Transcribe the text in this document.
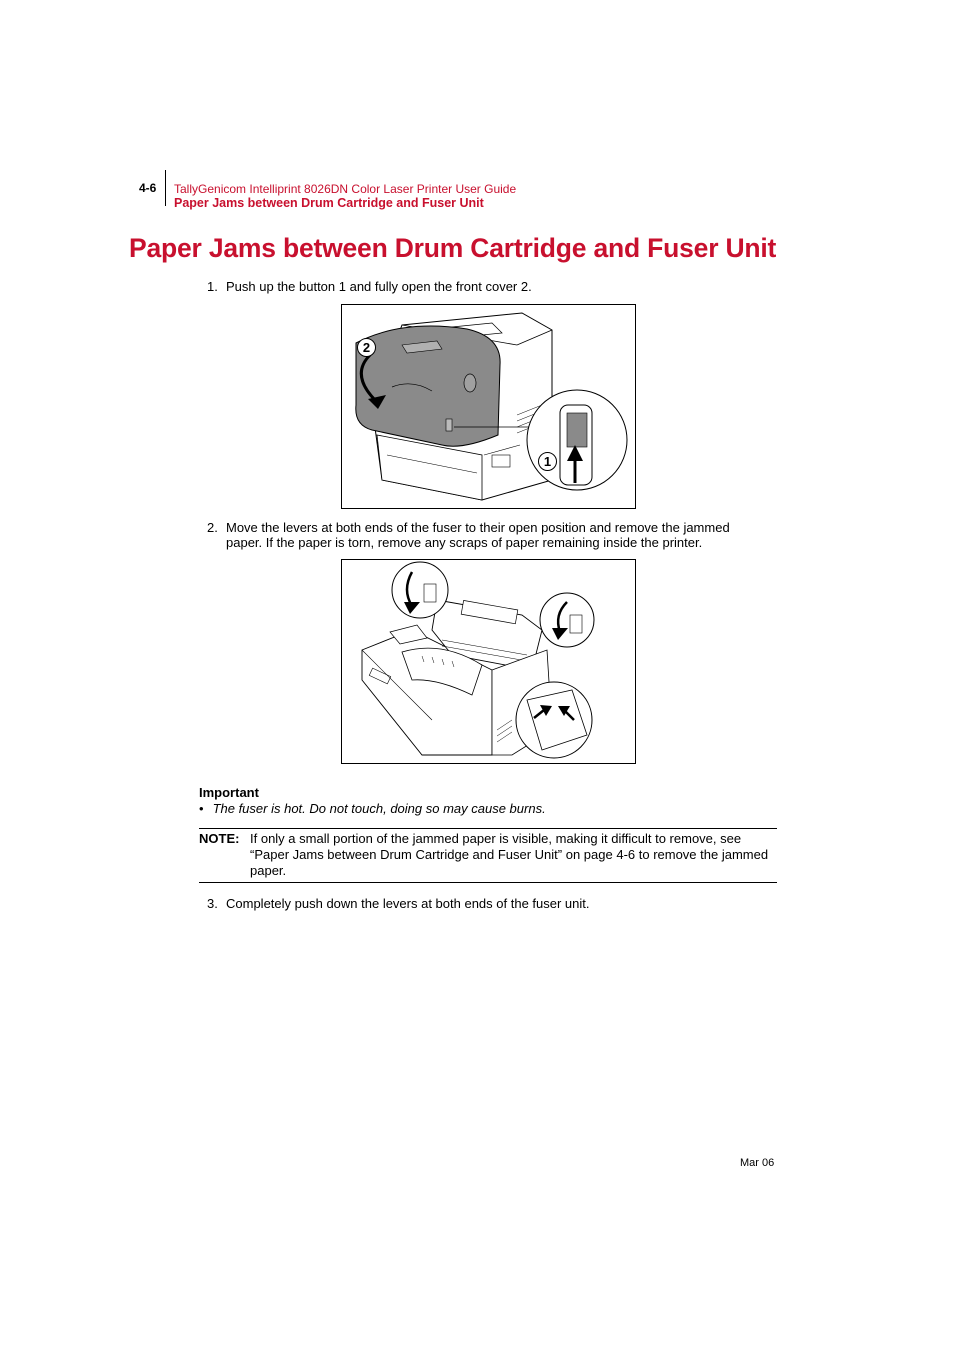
4-6 TallyGenicom Intelliprint 8026DN Color Laser Printer User Guide
Paper Jams between Drum Cartridge and Fuser Unit
Paper Jams between Drum Cartridge and Fuser Unit
1. Push up the button 1 and fully open the front cover 2.
2
1
2. Move the levers at both ends of the fuser to their open position and remove the jammed
paper. If the paper is torn, remove any scraps of paper remaining inside the printer.
Important
• The fuser is hot. Do not touch, doing so may cause burns.
NOTE: If only a small portion of the jammed paper is visible, making it difficult to remove, see “Paper Jams between Drum Cartridge and Fuser Unit” on page 4-6 to remove the jammed paper.
3. Completely push down the levers at both ends of the fuser unit.
Mar 06
